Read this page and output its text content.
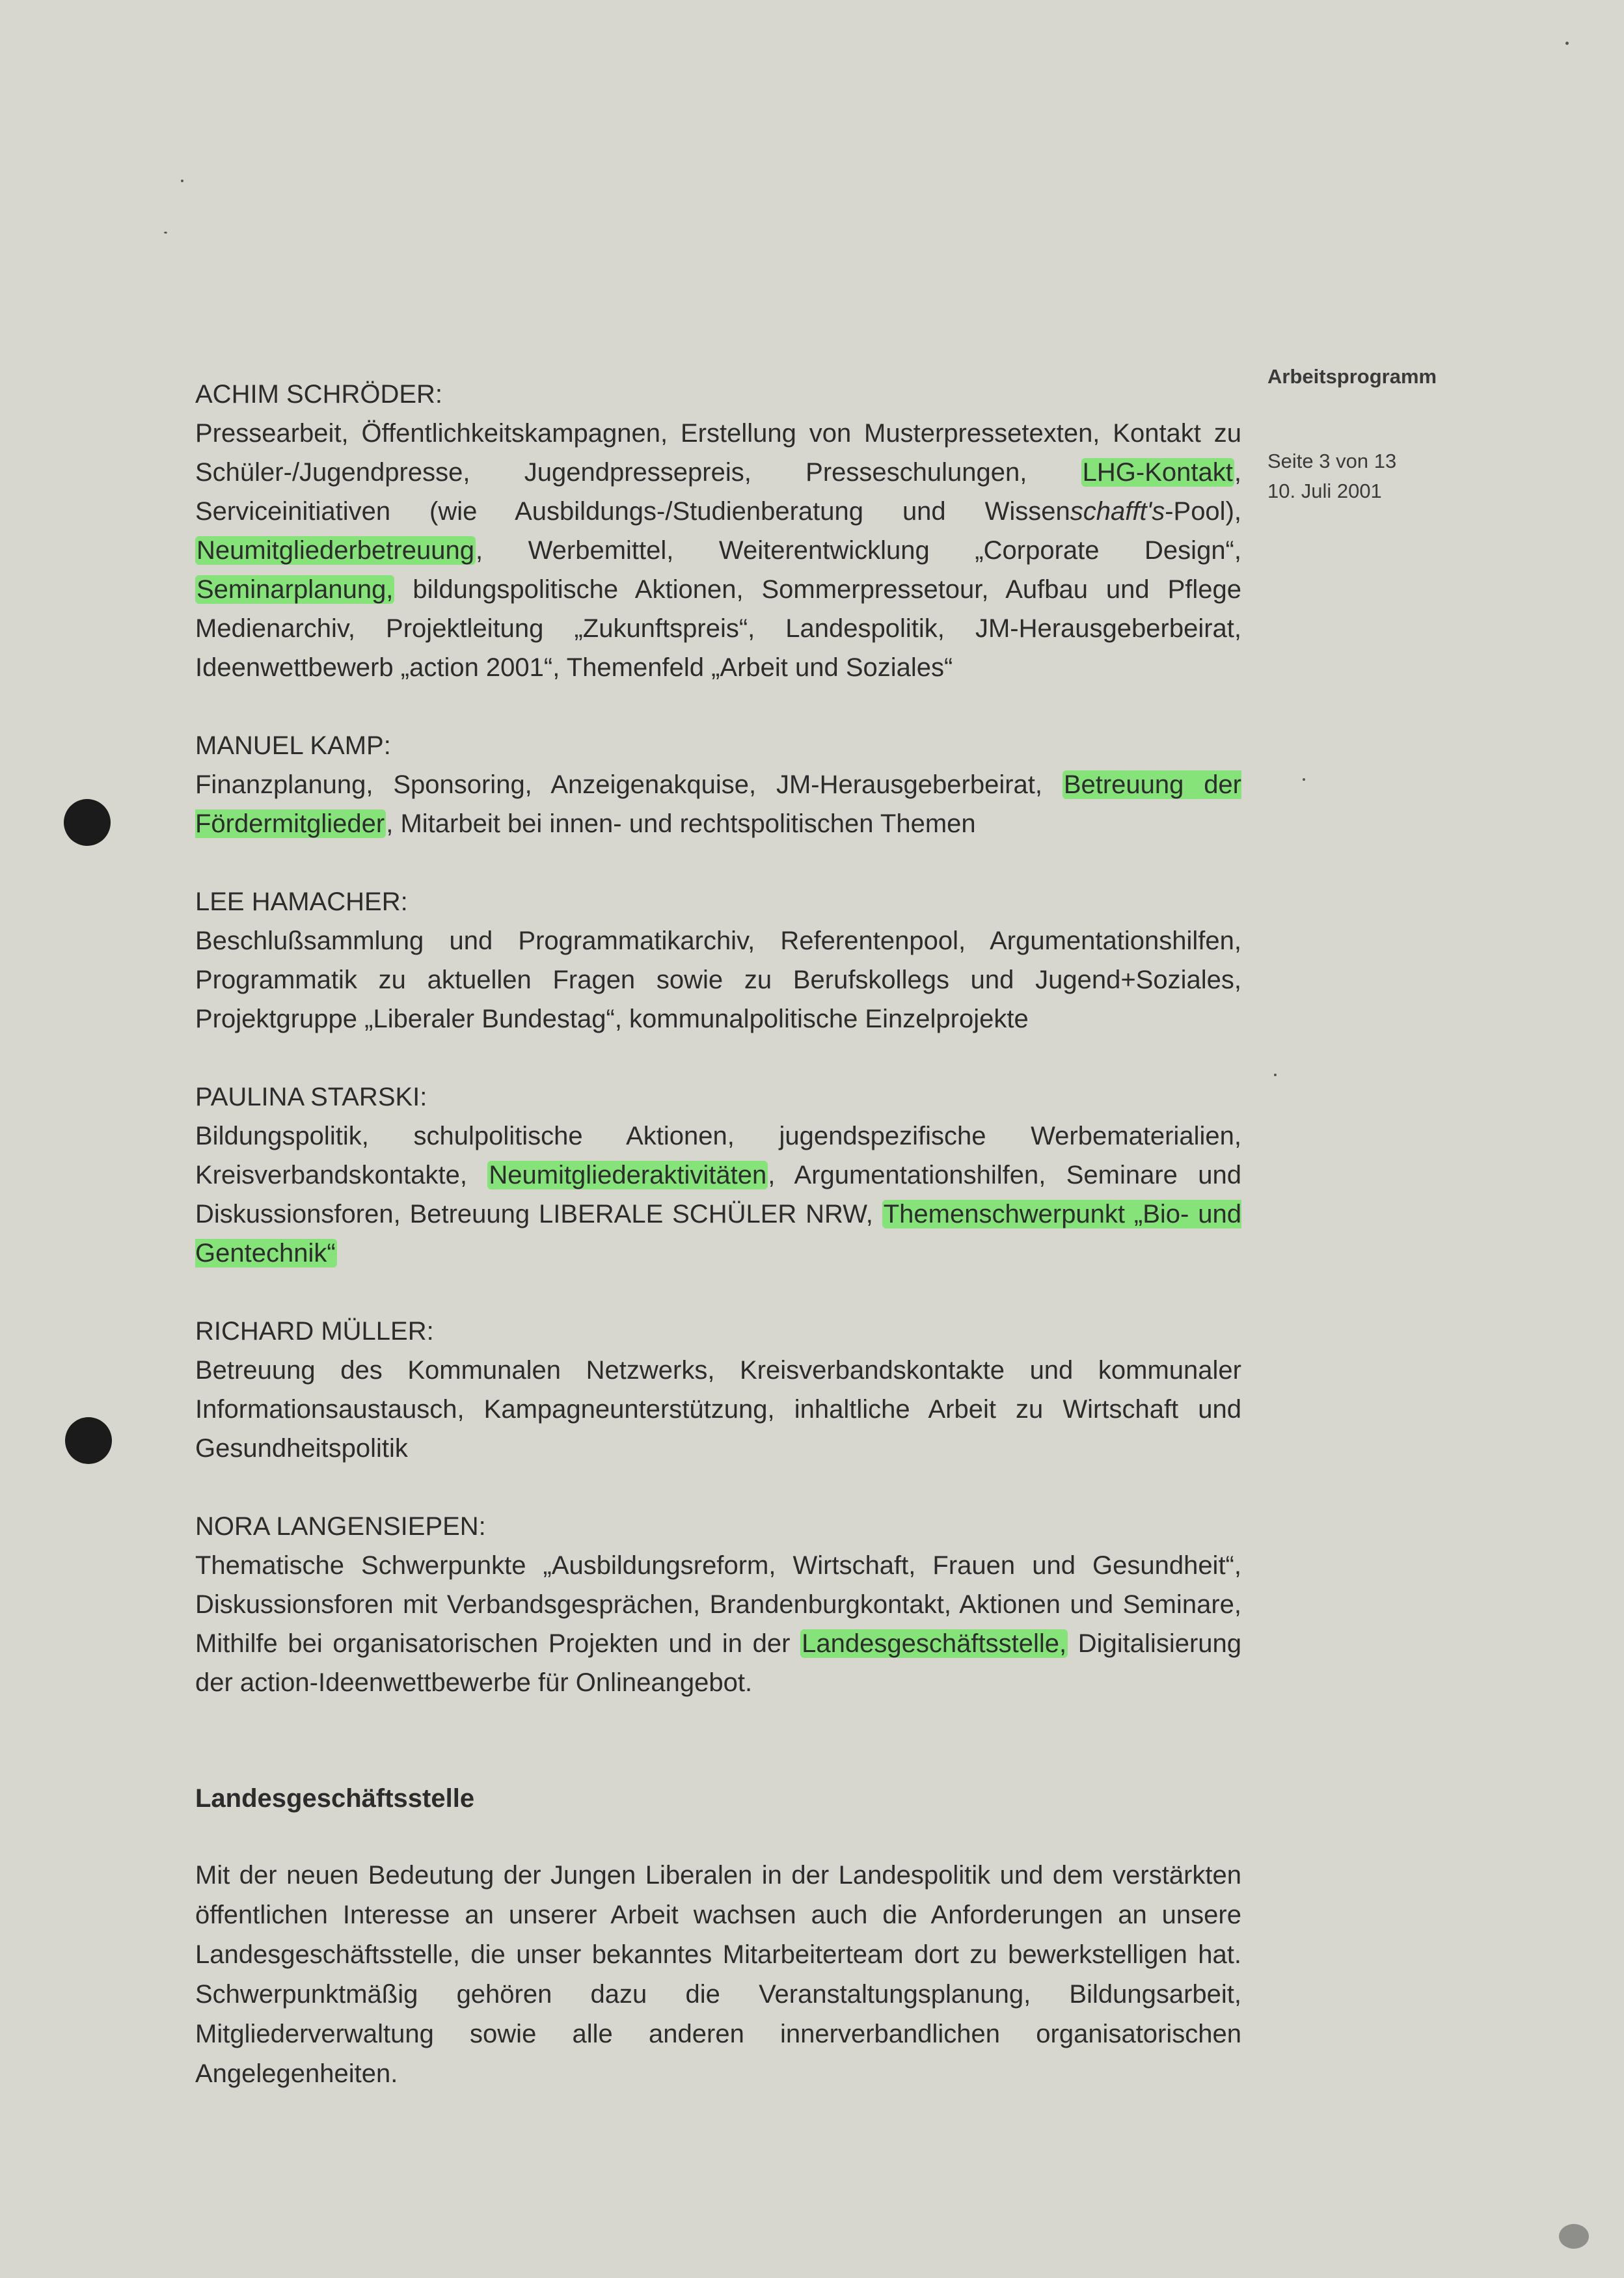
Arbeitsprogramm
Seite 3 von 13
10. Juli 2001
ACHIM SCHRÖDER:
Pressearbeit, Öffentlichkeitskampagnen, Erstellung von Musterpressetexten, Kontakt zu Schüler-/Jugendpresse, Jugendpressepreis, Presseschulungen, LHG-Kontakt, Serviceinitiativen (wie Ausbildungs-/Studienberatung und Wissenschafft's-Pool), Neumitgliederbetreuung, Werbemittel, Weiterentwicklung „Corporate Design“, Seminarplanung, bildungspolitische Aktionen, Sommerpressetour, Aufbau und Pflege Medienarchiv, Projektleitung „Zukunftspreis“, Landespolitik, JM-Herausgeberbeirat, Ideenwettbewerb „action 2001“, Themenfeld „Arbeit und Soziales“
MANUEL KAMP:
Finanzplanung, Sponsoring, Anzeigenakquise, JM-Herausgeberbeirat, Betreuung der Fördermitglieder, Mitarbeit bei innen- und rechtspolitischen Themen
LEE HAMACHER:
Beschlußsammlung und Programmatikarchiv, Referentenpool, Argumentationshilfen, Programmatik zu aktuellen Fragen sowie zu Berufskollegs und Jugend+Soziales, Projektgruppe „Liberaler Bundestag“, kommunalpolitische Einzelprojekte
PAULINA STARSKI:
Bildungspolitik, schulpolitische Aktionen, jugendspezifische Werbematerialien, Kreisverbandskontakte, Neumitgliederaktivitäten, Argumentationshilfen, Seminare und Diskussionsforen, Betreuung LIBERALE SCHÜLER NRW, Themenschwerpunkt „Bio- und Gentechnik“
RICHARD MÜLLER:
Betreuung des Kommunalen Netzwerks, Kreisverbandskontakte und kommunaler Informationsaustausch, Kampagneunterstützung, inhaltliche Arbeit zu Wirtschaft und Gesundheitspolitik
NORA LANGENSIEPEN:
Thematische Schwerpunkte „Ausbildungsreform, Wirtschaft, Frauen und Gesundheit“, Diskussionsforen mit Verbandsgesprächen, Brandenburgkontakt, Aktionen und Seminare, Mithilfe bei organisatorischen Projekten und in der Landesgeschäftsstelle, Digitalisierung der action-Ideenwettbewerbe für Onlineangebot.
Landesgeschäftsstelle
Mit der neuen Bedeutung der Jungen Liberalen in der Landespolitik und dem verstärkten öffentlichen Interesse an unserer Arbeit wachsen auch die Anforderungen an unsere Landesgeschäftsstelle, die unser bekanntes Mitarbeiterteam dort zu bewerkstelligen hat. Schwerpunktmäßig gehören dazu die Veranstaltungsplanung, Bildungsarbeit, Mitgliederverwaltung sowie alle anderen innerverbandlichen organisatorischen Angelegenheiten.
